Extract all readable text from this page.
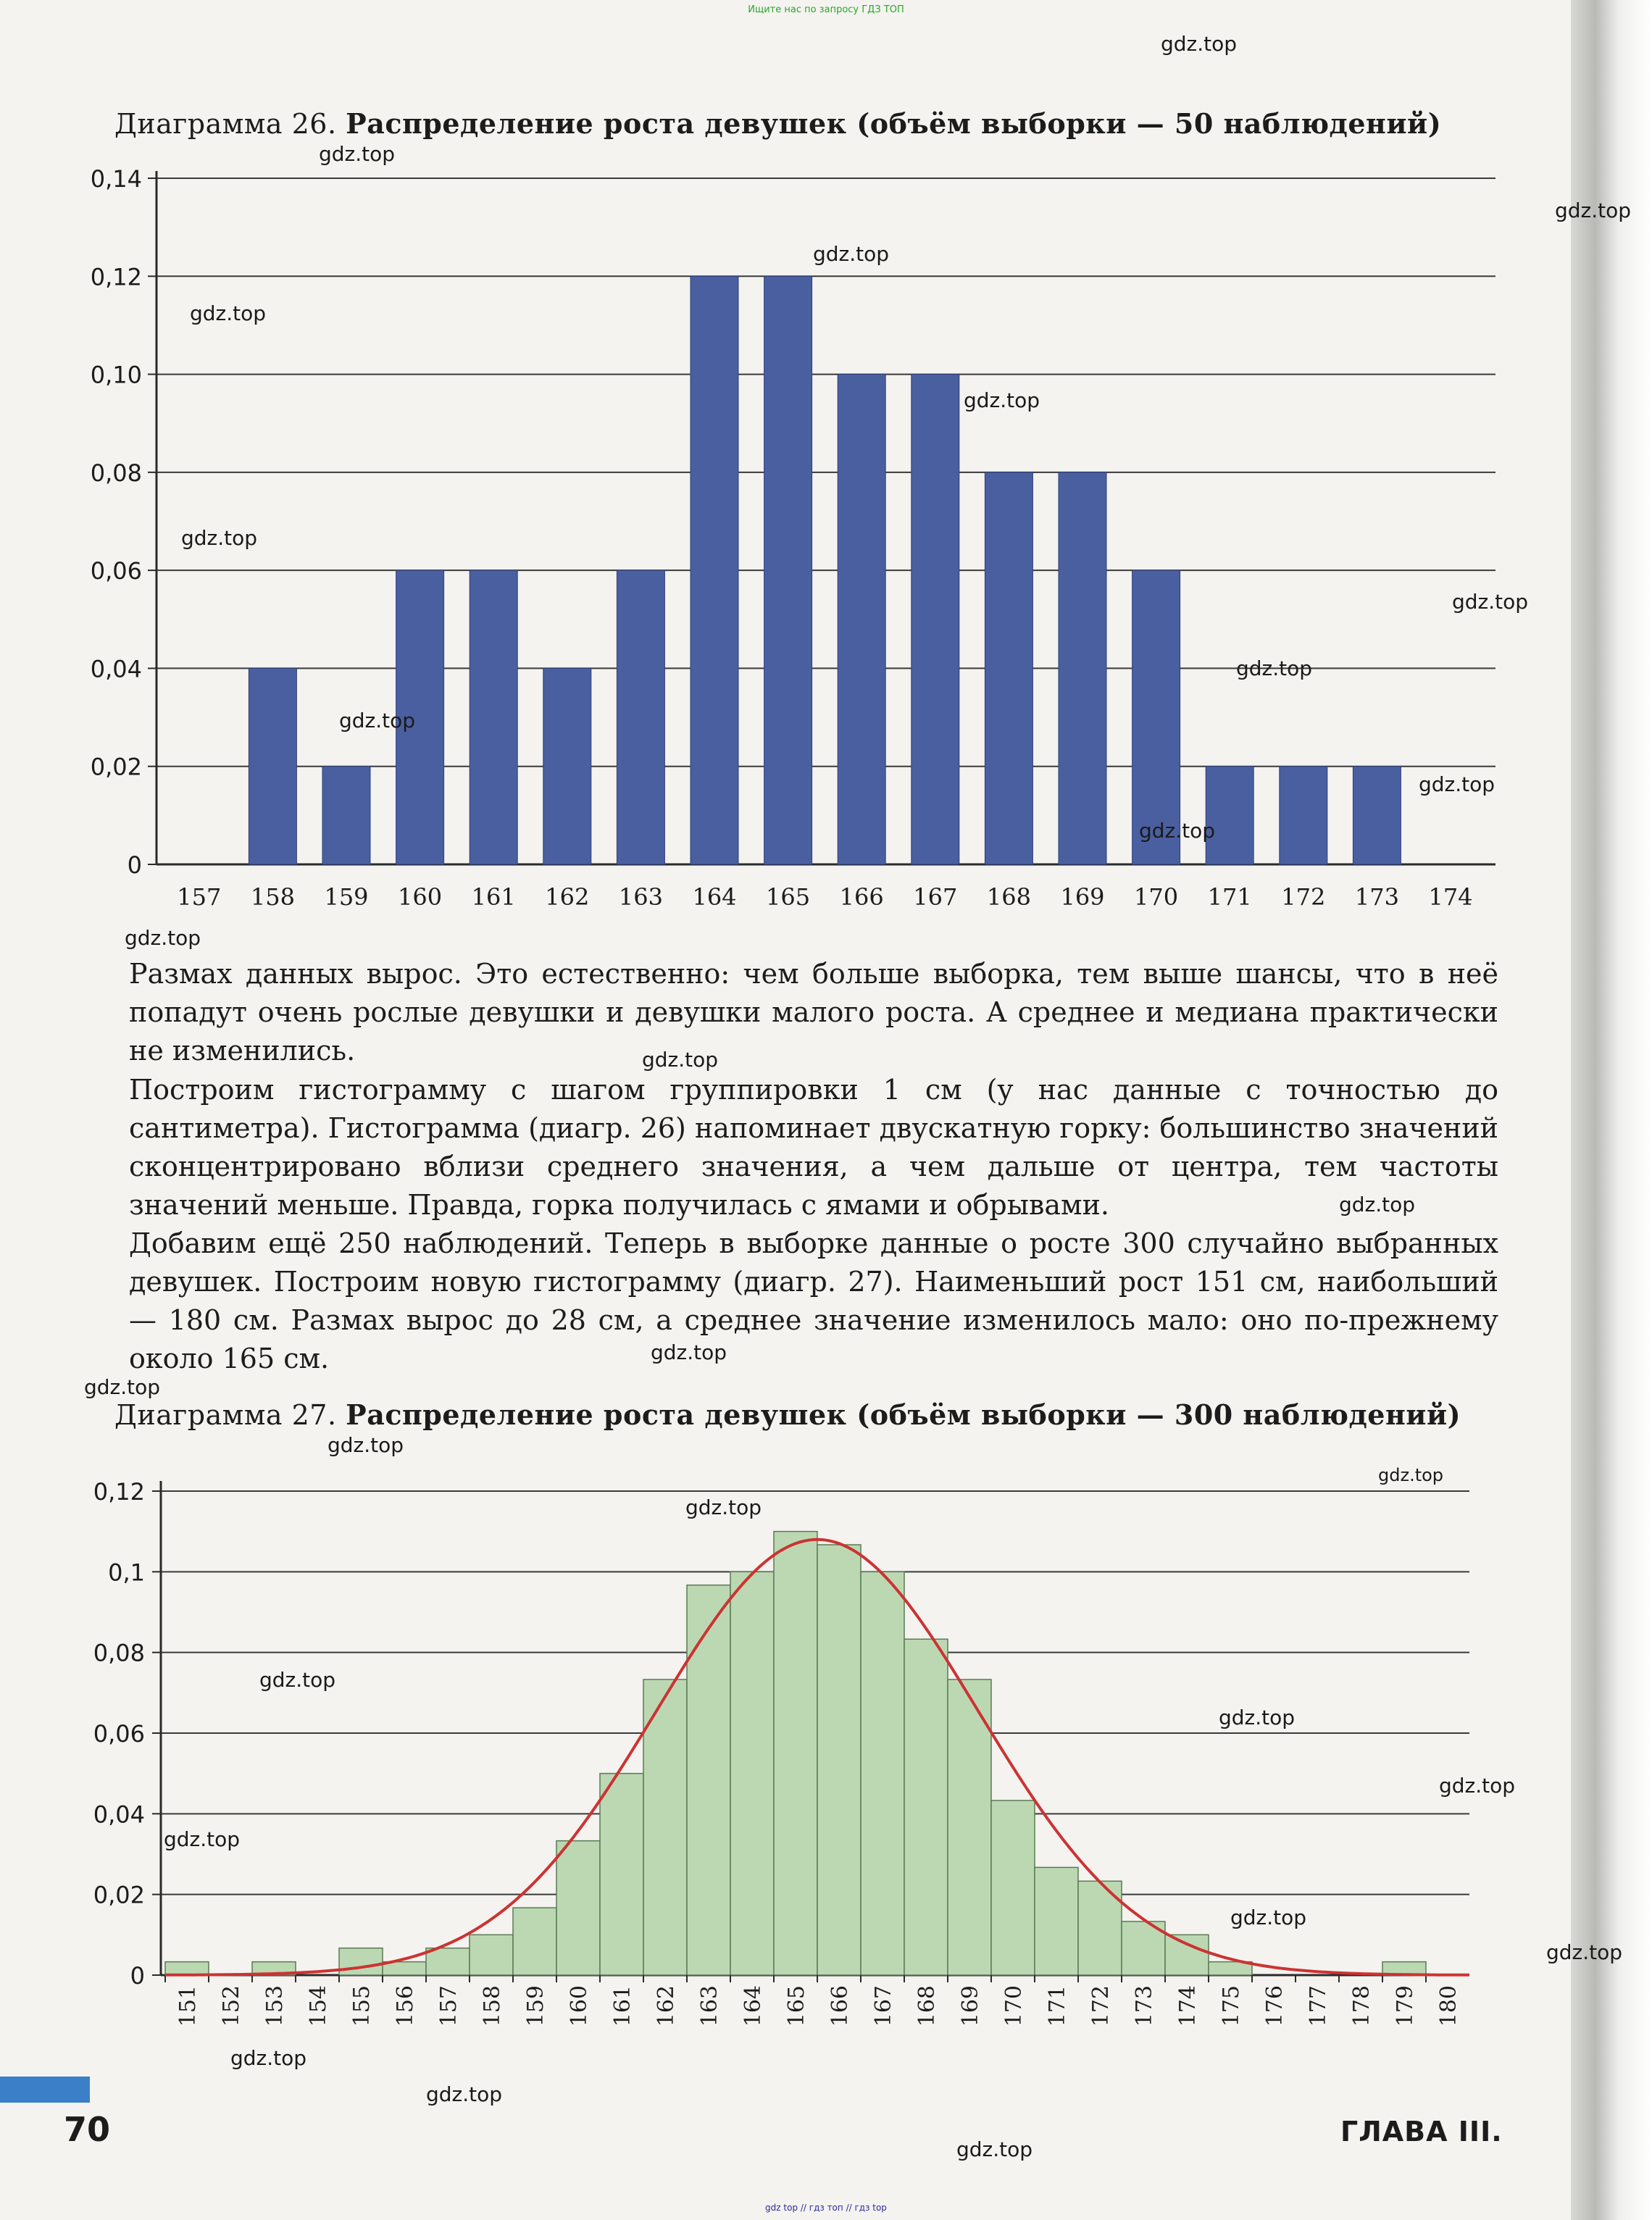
Ищите нас по запросу ГДЗ ТОП
Диаграмма 26. Распределение роста девушек (объём выборки — 50 наблюдений)
0
0,02
0,04
0,06
0,08
0,10
0,12
0,14
157 158 159 160 161 162 163 164 165 166 167 168 169 170 171 172 173 174
Размах данных вырос. Это естественно: чем больше выборка, тем выше шансы, что в неё попадут очень рослые девушки и девушки малого роста. А среднее и медиана практически не изменились.
Построим гистограмму с шагом группировки 1 см (у нас данные с точностью до сантиметра). Гистограмма (диагр. 26) напоминает двускатную горку: большинство значений сконцентрировано вблизи среднего значения, а чем дальше от центра, тем частоты значений меньше. Правда, горка получилась с ямами и обрывами.
Добавим ещё 250 наблюдений. Теперь в выборке данные о росте 300 случайно выбранных девушек. Построим новую гистограмму (диагр. 27). Наименьший рост 151 см, наибольший — 180 см. Размах вырос до 28 см, а среднее значение изменилось мало: оно по-прежнему около 165 см.
Диаграмма 27. Распределение роста девушек (объём выборки — 300 наблюдений)
0
0,02
0,04
0,06
0,08
0,1
0,12
151 152 153 154 155 156 157 158 159 160 161 162 163 164 165 166 167 168 169 170 171 172 173 174 175 176 177 178 179 180
gdz.top
gdz.top
gdz.top
gdz.top
gdz.top
gdz.top
gdz.top
gdz.top
gdz.top
gdz.top
gdz.top
gdz.top
gdz.top
gdz.top
gdz.top
gdz.top
gdz.top
gdz.top
gdz.top
gdz.top
gdz.top
gdz.top
gdz.top
gdz.top
gdz.top
gdz.top
gdz.top
gdz.top
gdz.top
70	ГЛАВА III.
gdz top // гдз топ // гдз top
